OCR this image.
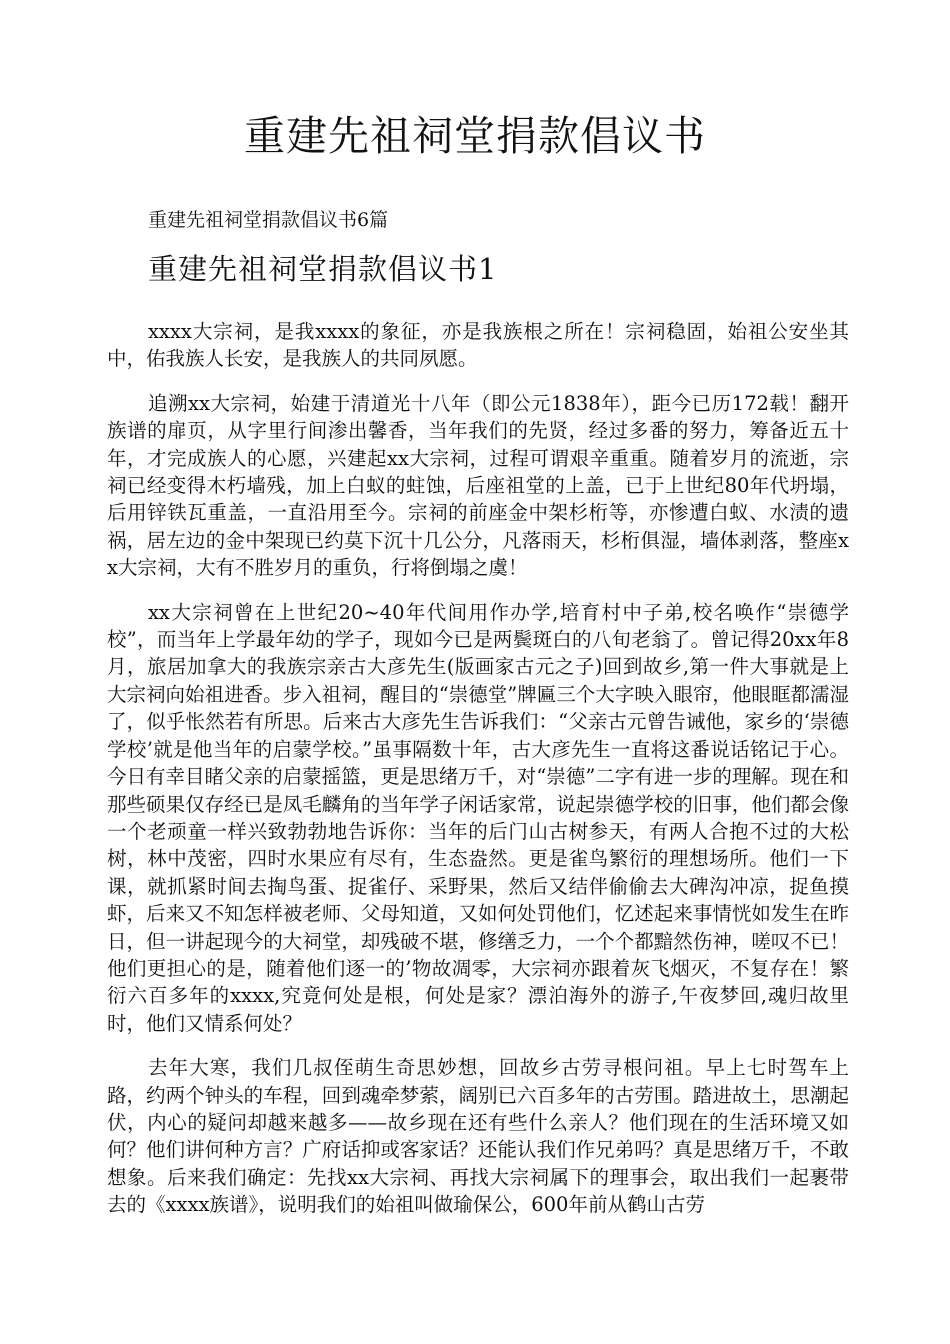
重建先祖祠堂捐款倡议书

重建先祖祠堂捐款倡议书6篇

重建先祖祠堂捐款倡议书1

xxxx大宗祠，是我xxxx的象征，亦是我族根之所在！宗祠稳固，始祖公安坐其中，佑我族人长安，是我族人的共同夙愿。

追溯xx大宗祠，始建于清道光十八年（即公元1838年），距今已历172载！翻开族谱的扉页，从字里行间渗出馨香，当年我们的先贤，经过多番的努力，筹备近五十年，才完成族人的心愿，兴建起xx大宗祠，过程可谓艰辛重重。随着岁月的流逝，宗祠已经变得木朽墙残，加上白蚁的蛀蚀，后座祖堂的上盖，已于上世纪80年代坍塌，后用锌铁瓦重盖，一直沿用至今。宗祠的前座金中架杉桁等，亦惨遭白蚁、水渍的遗祸，居左边的金中架现已约莫下沉十几公分，凡落雨天，杉桁俱湿，墙体剥落，整座xx大宗祠，大有不胜岁月的重负，行将倒塌之虞！

xx大宗祠曾在上世纪20~40年代间用作办学,培育村中子弟,校名唤作“崇德学校”，而当年上学最年幼的学子，现如今已是两鬓斑白的八旬老翁了。曾记得20xx年8月，旅居加拿大的我族宗亲古大彦先生(版画家古元之子)回到故乡,第一件大事就是上大宗祠向始祖进香。步入祖祠，醒目的“崇德堂”牌匾三个大字映入眼帘，他眼眶都濡湿了，似乎怅然若有所思。后来古大彦先生告诉我们：“父亲古元曾告诫他，家乡的‘崇德学校’就是他当年的启蒙学校。”虽事隔数十年，古大彦先生一直将这番说话铭记于心。今日有幸目睹父亲的启蒙摇篮，更是思绪万千，对“崇德”二字有进一步的理解。现在和那些硕果仅存经已是凤毛麟角的当年学子闲话家常，说起崇德学校的旧事，他们都会像一个老顽童一样兴致勃勃地告诉你：当年的后门山古树参天，有两人合抱不过的大松树，林中茂密，四时水果应有尽有，生态盎然。更是雀鸟繁衍的理想场所。他们一下课，就抓紧时间去掏鸟蛋、捉雀仔、采野果，然后又结伴偷偷去大碑沟冲凉，捉鱼摸虾，后来又不知怎样被老师、父母知道，又如何处罚他们，忆述起来事情恍如发生在昨日，但一讲起现今的大祠堂，却残破不堪，修缮乏力，一个个都黯然伤神，嗟叹不已！他们更担心的是，随着他们逐一的’物故凋零，大宗祠亦跟着灰飞烟灭，不复存在！繁衍六百多年的xxxx,究竟何处是根，何处是家？漂泊海外的游子,午夜梦回,魂归故里时，他们又情系何处？

去年大寒，我们几叔侄萌生奇思妙想，回故乡古劳寻根问祖。早上七时驾车上路，约两个钟头的车程，回到魂牵梦萦，阔别已六百多年的古劳围。踏进故土，思潮起伏，内心的疑问却越来越多——故乡现在还有些什么亲人？他们现在的生活环境又如何？他们讲何种方言？广府话抑或客家话？还能认我们作兄弟吗？真是思绪万千，不敢想象。后来我们确定：先找xx大宗祠、再找大宗祠属下的理事会，取出我们一起裹带去的《xxxx族谱》，说明我们的始祖叫做瑜保公，600年前从鹤山古劳
